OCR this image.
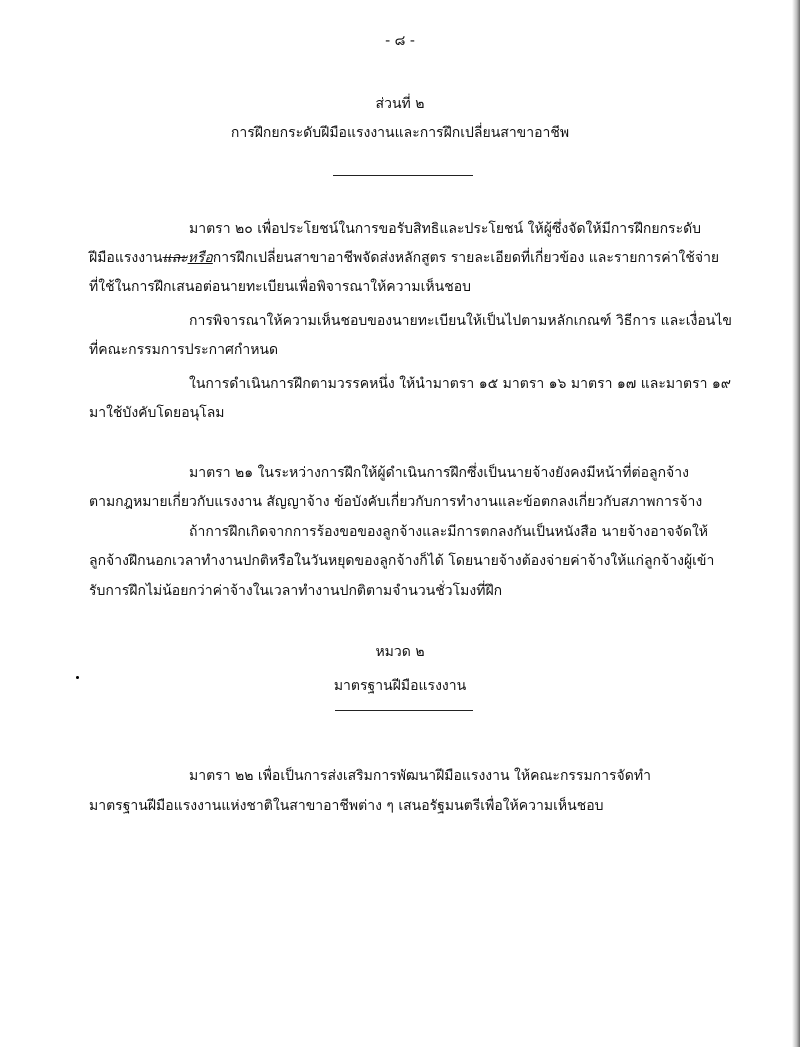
- ๘ -
ส่วนที่ ๒
การฝึกยกระดับฝีมือแรงงานและการฝึกเปลี่ยนสาขาอาชีพ
มาตรา ๒๐ เพื่อประโยชน์ในการขอรับสิทธิและประโยชน์ ให้ผู้ซึ่งจัดให้มีการฝึกยกระดับ
ฝีมือแรงงานและหรือการฝึกเปลี่ยนสาขาอาชีพจัดส่งหลักสูตร รายละเอียดที่เกี่ยวข้อง และรายการค่าใช้จ่าย
ที่ใช้ในการฝึกเสนอต่อนายทะเบียนเพื่อพิจารณาให้ความเห็นชอบ
การพิจารณาให้ความเห็นชอบของนายทะเบียนให้เป็นไปตามหลักเกณฑ์ วิธีการ และเงื่อนไข
ที่คณะกรรมการประกาศกำหนด
ในการดำเนินการฝึกตามวรรคหนึ่ง ให้นำมาตรา ๑๕ มาตรา ๑๖ มาตรา ๑๗ และมาตรา ๑๙
มาใช้บังคับโดยอนุโลม
มาตรา ๒๑ ในระหว่างการฝึกให้ผู้ดำเนินการฝึกซึ่งเป็นนายจ้างยังคงมีหน้าที่ต่อลูกจ้าง
ตามกฎหมายเกี่ยวกับแรงงาน สัญญาจ้าง ข้อบังคับเกี่ยวกับการทำงานและข้อตกลงเกี่ยวกับสภาพการจ้าง
ถ้าการฝึกเกิดจากการร้องขอของลูกจ้างและมีการตกลงกันเป็นหนังสือ นายจ้างอาจจัดให้
ลูกจ้างฝึกนอกเวลาทำงานปกติหรือในวันหยุดของลูกจ้างก็ได้ โดยนายจ้างต้องจ่ายค่าจ้างให้แก่ลูกจ้างผู้เข้า
รับการฝึกไม่น้อยกว่าค่าจ้างในเวลาทำงานปกติตามจำนวนชั่วโมงที่ฝึก
หมวด ๒
มาตรฐานฝีมือแรงงาน
มาตรา ๒๒ เพื่อเป็นการส่งเสริมการพัฒนาฝีมือแรงงาน ให้คณะกรรมการจัดทำ
มาตรฐานฝีมือแรงงานแห่งชาติในสาขาอาชีพต่าง ๆ เสนอรัฐมนตรีเพื่อให้ความเห็นชอบ
